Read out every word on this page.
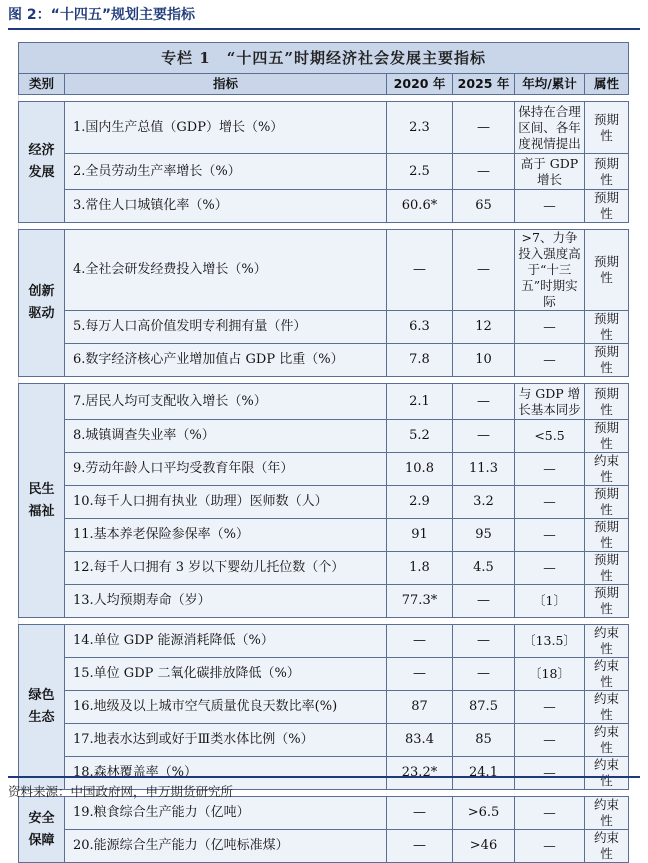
图 2：“十四五”规划主要指标
专栏 1　“十四五”时期经济社会发展主要指标					
类别	指标	2020 年	2025 年	年均/累计	属性

经济
发展	1.国内生产总值（GDP）增长（%）	2.3	—	保持在合理区间、各年度视情提出	预期性
	2.全员劳动生产率增长（%）	2.5	—	高于 GDP 增长	预期性
	3.常住人口城镇化率（%）	60.6*	65	—	预期性

创新
驱动	4.全社会研发经费投入增长（%）	—	—	>7、力争投入强度高于“十三五”时期实际	预期性
	5.每万人口高价值发明专利拥有量（件）	6.3	12	—	预期性
	6.数字经济核心产业增加值占 GDP 比重（%）	7.8	10	—	预期性

民生
福祉	7.居民人均可支配收入增长（%）	2.1	—	与 GDP 增长基本同步	预期性
	8.城镇调查失业率（%）	5.2	—	<5.5	预期性
	9.劳动年龄人口平均受教育年限（年）	10.8	11.3	—	约束性
	10.每千人口拥有执业（助理）医师数（人）	2.9	3.2	—	预期性
	11.基本养老保险参保率（%）	91	95	—	预期性
	12.每千人口拥有 3 岁以下婴幼儿托位数（个）	1.8	4.5	—	预期性
	13.人均预期寿命（岁）	77.3*	—	〔1〕	预期性

绿色
生态	14.单位 GDP 能源消耗降低（%）	—	—	〔13.5〕	约束性
	15.单位 GDP 二氧化碳排放降低（%）	—	—	〔18〕	约束性
	16.地级及以上城市空气质量优良天数比率(%)	87	87.5	—	约束性
	17.地表水达到或好于Ⅲ类水体比例（%）	83.4	85	—	约束性
	18.森林覆盖率（%）	23.2*	24.1	—	约束性

安全
保障	19.粮食综合生产能力（亿吨）	—	>6.5	—	约束性
	20.能源综合生产能力（亿吨标准煤）	—	>46	—	约束性
资料来源：中国政府网，申万期货研究所
